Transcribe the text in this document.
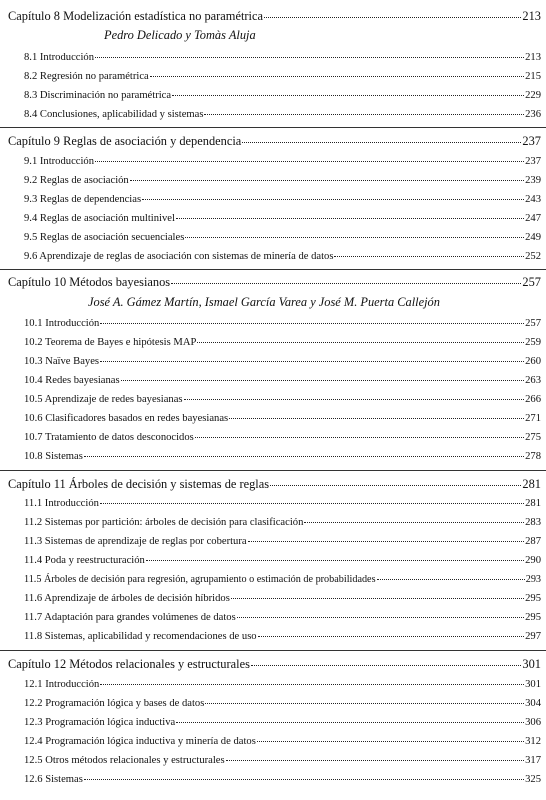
Capítulo 8 Modelización estadística no paramétrica	213
Pedro Delicado y Tomàs Aluja
8.1 Introducción	213
8.2 Regresión no paramétrica	215
8.3 Discriminación no paramétrica	229
8.4 Conclusiones, aplicabilidad y sistemas	236
Capítulo 9 Reglas de asociación y dependencia	237
9.1 Introducción	237
9.2 Reglas de asociación	239
9.3 Reglas de dependencias	243
9.4 Reglas de asociación multinivel	247
9.5 Reglas de asociación secuenciales	249
9.6 Aprendizaje de reglas de asociación con sistemas de minería de datos	252
Capítulo 10 Métodos bayesianos	257
José A. Gámez Martín, Ismael García Varea y José M. Puerta Callejón
10.1 Introducción	257
10.2 Teorema de Bayes e hipótesis MAP	259
10.3 Naïve Bayes	260
10.4 Redes bayesianas	263
10.5 Aprendizaje de redes bayesianas	266
10.6 Clasificadores basados en redes bayesianas	271
10.7 Tratamiento de datos desconocidos	275
10.8 Sistemas	278
Capítulo 11 Árboles de decisión y sistemas de reglas	281
11.1 Introducción	281
11.2 Sistemas por partición: árboles de decisión para clasificación	283
11.3 Sistemas de aprendizaje de reglas por cobertura	287
11.4 Poda y reestructuración	290
11.5 Árboles de decisión para regresión, agrupamiento o estimación de probabilidades	293
11.6 Aprendizaje de árboles de decisión híbridos	295
11.7 Adaptación para grandes volúmenes de datos	295
11.8 Sistemas, aplicabilidad y recomendaciones de uso	297
Capítulo 12 Métodos relacionales y estructurales	301
12.1 Introducción	301
12.2 Programación lógica y bases de datos	304
12.3 Programación lógica inductiva	306
12.4 Programación lógica inductiva y minería de datos	312
12.5 Otros métodos relacionales y estructurales	317
12.6 Sistemas	325
